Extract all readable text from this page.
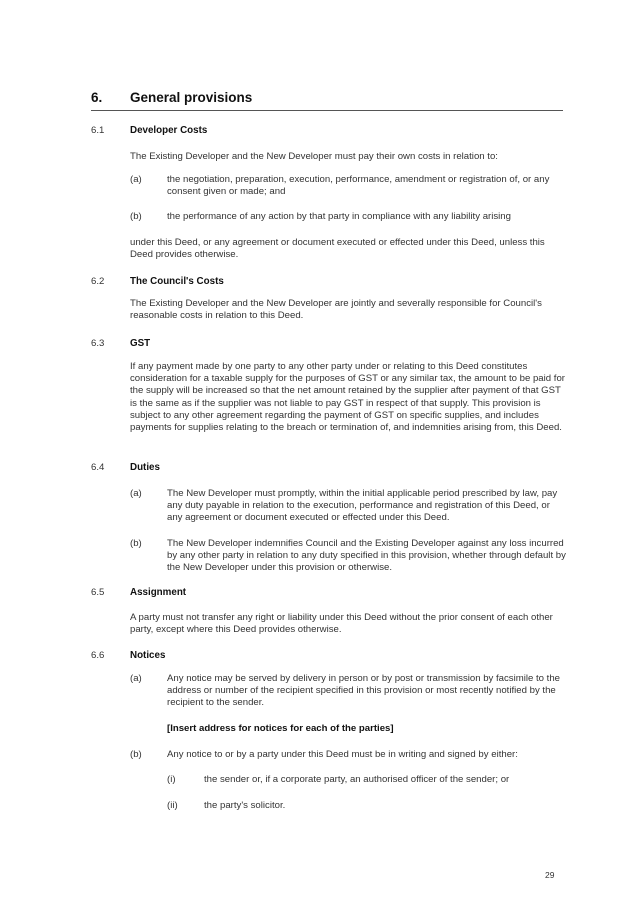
6. General provisions
6.1	Developer Costs
The Existing Developer and the New Developer must pay their own costs in relation to:
(a)	the negotiation, preparation, execution, performance, amendment or registration of, or any consent given or made; and
(b)	the performance of any action by that party in compliance with any liability arising
under this Deed, or any agreement or document executed or effected under this Deed, unless this Deed provides otherwise.
6.2	The Council's Costs
The Existing Developer and the New Developer are jointly and severally responsible for Council's reasonable costs in relation to this Deed.
6.3	GST
If any payment made by one party to any other party under or relating to this Deed constitutes consideration for a taxable supply for the purposes of GST or any similar tax, the amount to be paid for the supply will be increased so that the net amount retained by the supplier after payment of that GST is the same as if the supplier was not liable to pay GST in respect of that supply. This provision is subject to any other agreement regarding the payment of GST on specific supplies, and includes payments for supplies relating to the breach or termination of, and indemnities arising from, this Deed.
6.4	Duties
(a)	The New Developer must promptly, within the initial applicable period prescribed by law, pay any duty payable in relation to the execution, performance and registration of this Deed, or any agreement or document executed or effected under this Deed.
(b)	The New Developer indemnifies Council and the Existing Developer against any loss incurred by any other party in relation to any duty specified in this provision, whether through default by the New Developer under this provision or otherwise.
6.5	Assignment
A party must not transfer any right or liability under this Deed without the prior consent of each other party, except where this Deed provides otherwise.
6.6	Notices
(a)	Any notice may be served by delivery in person or by post or transmission by facsimile to the address or number of the recipient specified in this provision or most recently notified by the recipient to the sender.
[Insert address for notices for each of the parties]
(b)	Any notice to or by a party under this Deed must be in writing and signed by either:
(i)	the sender or, if a corporate party, an authorised officer of the sender; or
(ii)	the party's solicitor.
29
